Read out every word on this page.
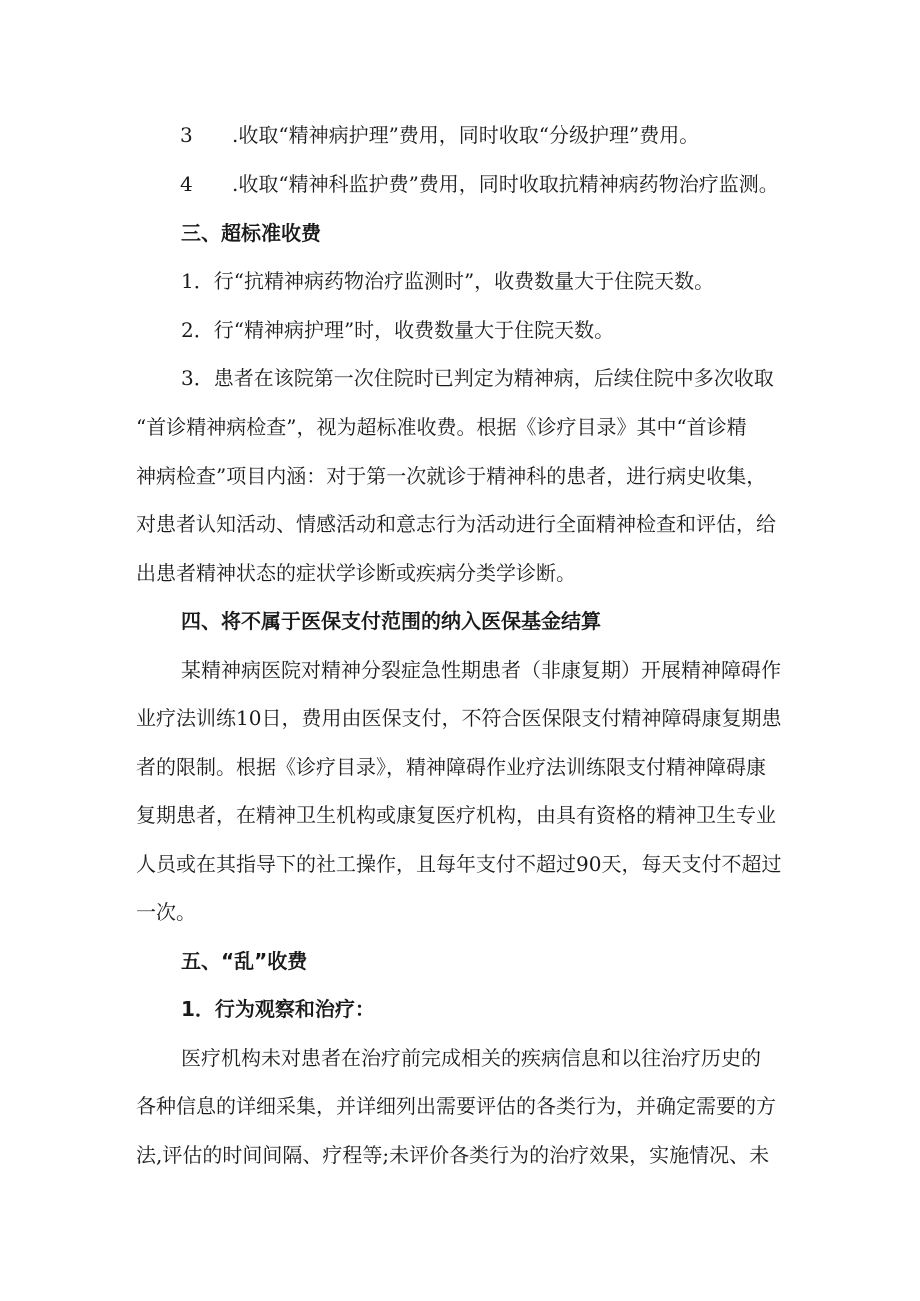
3 .收取“精神病护理”费用，同时收取“分级护理”费用。
4 .收取“精神科监护费”费用，同时收取抗精神病药物治疗监测。

三、超标准收费

1．行“抗精神病药物治疗监测时”，收费数量大于住院天数。

2．行“精神病护理”时，收费数量大于住院天数。

3．患者在该院第一次住院时已判定为精神病，后续住院中多次收取

“首诊精神病检查”，视为超标准收费。根据《诊疗目录》其中“首诊精

神病检查”项目内涵：对于第一次就诊于精神科的患者，进行病史收集，

对患者认知活动、情感活动和意志行为活动进行全面精神检查和评估，给

出患者精神状态的症状学诊断或疾病分类学诊断。

四、将不属于医保支付范围的纳入医保基金结算

某精神病医院对精神分裂症急性期患者（非康复期）开展精神障碍作

业疗法训练10日，费用由医保支付，不符合医保限支付精神障碍康复期患

者的限制。根据《诊疗目录》，精神障碍作业疗法训练限支付精神障碍康

复期患者，在精神卫生机构或康复医疗机构，由具有资格的精神卫生专业

人员或在其指导下的社工操作，且每年支付不超过90天，每天支付不超过

一次。

五、“乱”收费

1．行为观察和治疗：

医疗机构未对患者在治疗前完成相关的疾病信息和以往治疗历史的

各种信息的详细采集，并详细列出需要评估的各类行为，并确定需要的方

法,评估的时间间隔、疗程等;未评价各类行为的治疗效果，实施情况、未
